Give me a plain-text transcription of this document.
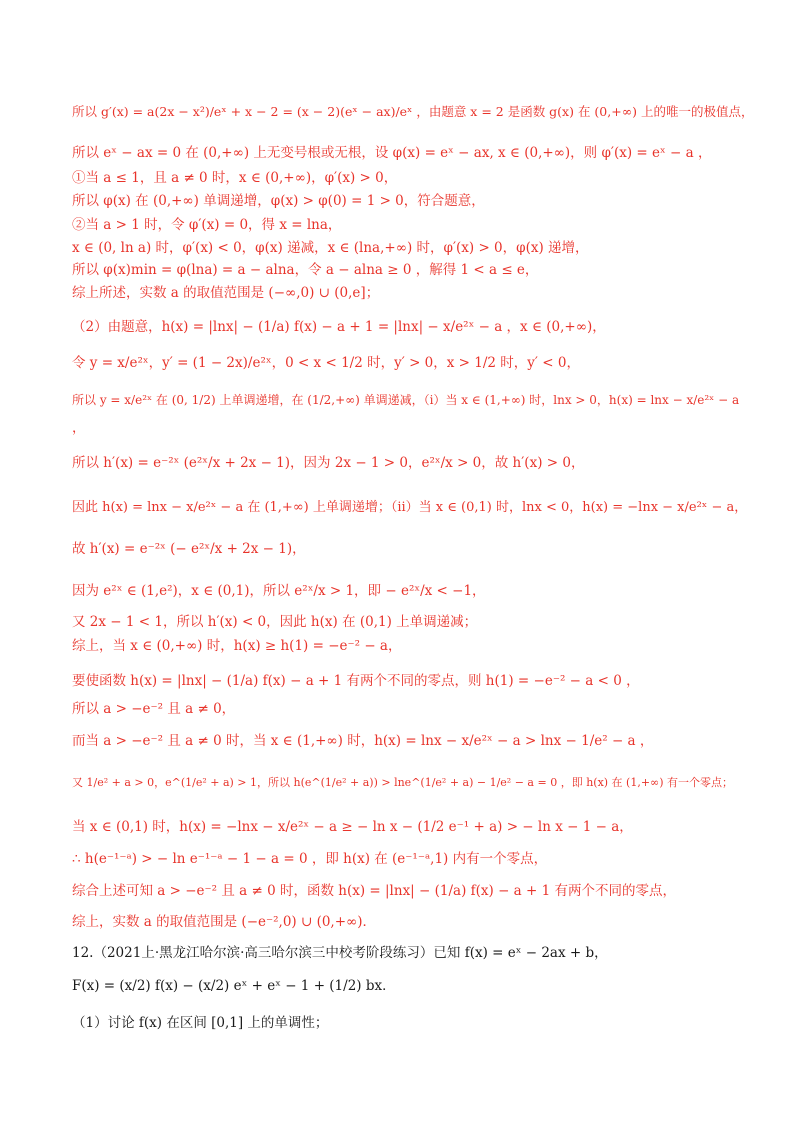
所以 g′(x) = a(2x − x²)/eˣ + x − 2 = (x − 2)(eˣ − ax)/eˣ ，由题意 x = 2 是函数 g(x) 在 (0,+∞) 上的唯一的极值点，
所以 eˣ − ax = 0 在 (0,+∞) 上无变号根或无根，设 φ(x) = eˣ − ax, x ∈ (0,+∞)，则 φ′(x) = eˣ − a ，
①当 a ≤ 1，且 a ≠ 0 时，x ∈ (0,+∞)，φ′(x) > 0，
所以 φ(x) 在 (0,+∞) 单调递增，φ(x) > φ(0) = 1 > 0，符合题意，
②当 a > 1 时，令 φ′(x) = 0，得 x = lna，
x ∈ (0, ln a) 时，φ′(x) < 0，φ(x) 递减，x ∈ (lna,+∞) 时，φ′(x) > 0，φ(x) 递增，
所以 φ(x)min = φ(lna) = a − alna，令 a − alna ≥ 0 ，解得 1 < a ≤ e，
综上所述，实数 a 的取值范围是 (−∞,0) ∪ (0,e]；
（2）由题意，h(x) = |lnx| − (1/a) f(x) − a + 1 = |lnx| − x/e²ˣ − a ，x ∈ (0,+∞)，
令 y = x/e²ˣ，y′ = (1 − 2x)/e²ˣ，0 < x < 1/2 时，y′ > 0，x > 1/2 时，y′ < 0，
所以 y = x/e²ˣ 在 (0, 1/2) 上单调递增，在 (1/2,+∞) 单调递减，（i）当 x ∈ (1,+∞) 时，lnx > 0，h(x) = lnx − x/e²ˣ − a
，
所以 h′(x) = e⁻²ˣ (e²ˣ/x + 2x − 1)，因为 2x − 1 > 0，e²ˣ/x > 0，故 h′(x) > 0，
因此 h(x) = lnx − x/e²ˣ − a 在 (1,+∞) 上单调递增；（ii）当 x ∈ (0,1) 时，lnx < 0，h(x) = −lnx − x/e²ˣ − a，
故 h′(x) = e⁻²ˣ (− e²ˣ/x + 2x − 1)，
因为 e²ˣ ∈ (1,e²)，x ∈ (0,1)，所以 e²ˣ/x > 1，即 − e²ˣ/x < −1，
又 2x − 1 < 1，所以 h′(x) < 0，因此 h(x) 在 (0,1) 上单调递减；
综上，当 x ∈ (0,+∞) 时，h(x) ≥ h(1) = −e⁻² − a，
要使函数 h(x) = |lnx| − (1/a) f(x) − a + 1 有两个不同的零点，则 h(1) = −e⁻² − a < 0 ，
所以 a > −e⁻² 且 a ≠ 0，
而当 a > −e⁻² 且 a ≠ 0 时，当 x ∈ (1,+∞) 时，h(x) = lnx − x/e²ˣ − a > lnx − 1/e² − a ，
又 1/e² + a > 0，e^(1/e² + a) > 1，所以 h(e^(1/e² + a)) > lne^(1/e² + a) − 1/e² − a = 0 ，即 h(x) 在 (1,+∞) 有一个零点；
当 x ∈ (0,1) 时，h(x) = −lnx − x/e²ˣ − a ≥ − ln x − (1/2 e⁻¹ + a) > − ln x − 1 − a，
∴ h(e⁻¹⁻ᵃ) > − ln e⁻¹⁻ᵃ − 1 − a = 0 ，即 h(x) 在 (e⁻¹⁻ᵃ,1) 内有一个零点，
综合上述可知 a > −e⁻² 且 a ≠ 0 时，函数 h(x) = |lnx| − (1/a) f(x) − a + 1 有两个不同的零点，
综上，实数 a 的取值范围是 (−e⁻²,0) ∪ (0,+∞)．
12.（2021上·黑龙江哈尔滨·高三哈尔滨三中校考阶段练习）已知 f(x) = eˣ − 2ax + b，
F(x) = (x/2) f(x) − (x/2) eˣ + eˣ − 1 + (1/2) bx．
（1）讨论 f(x) 在区间 [0,1] 上的单调性；
